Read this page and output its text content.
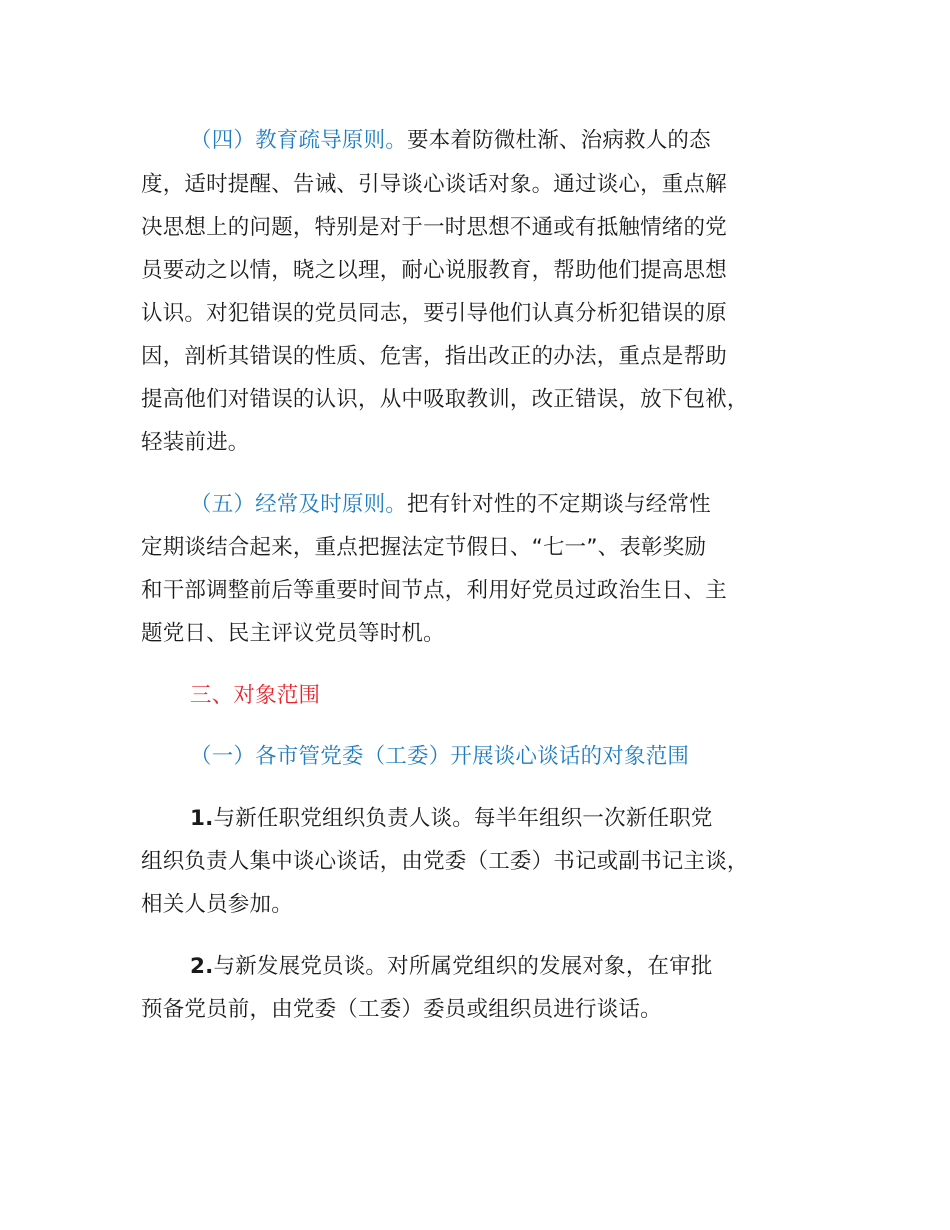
（四）教育疏导原则。要本着防微杜渐、治病救人的态
度，适时提醒、告诫、引导谈心谈话对象。通过谈心，重点解
决思想上的问题，特别是对于一时思想不通或有抵触情绪的党
员要动之以情，晓之以理，耐心说服教育，帮助他们提高思想
认识。对犯错误的党员同志，要引导他们认真分析犯错误的原
因，剖析其错误的性质、危害，指出改正的办法，重点是帮助
提高他们对错误的认识，从中吸取教训，改正错误，放下包袱，
轻装前进。
（五）经常及时原则。把有针对性的不定期谈与经常性
定期谈结合起来，重点把握法定节假日、“七一”、表彰奖励
和干部调整前后等重要时间节点，利用好党员过政治生日、主
题党日、民主评议党员等时机。
三、对象范围
（一）各市管党委（工委）开展谈心谈话的对象范围
1.与新任职党组织负责人谈。每半年组织一次新任职党
组织负责人集中谈心谈话，由党委（工委）书记或副书记主谈，
相关人员参加。
2.与新发展党员谈。对所属党组织的发展对象，在审批
预备党员前，由党委（工委）委员或组织员进行谈话。
